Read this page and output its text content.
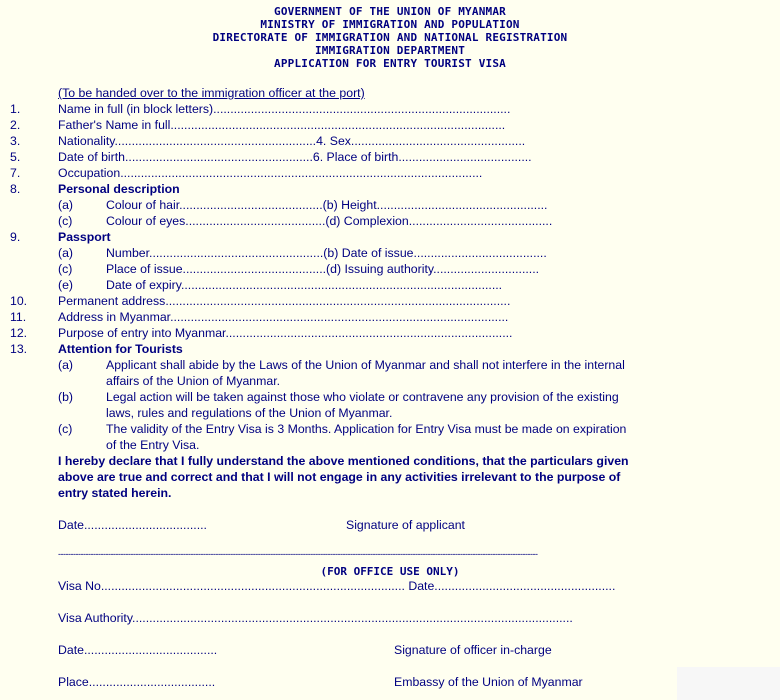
GOVERNMENT OF THE UNION OF MYANMAR
MINISTRY OF IMMIGRATION AND POPULATION
DIRECTORATE OF IMMIGRATION AND NATIONAL REGISTRATION
IMMIGRATION DEPARTMENT
APPLICATION FOR ENTRY TOURIST VISA
(To be handed over to the immigration officer at the port)
1.	Name in full (in block letters).......................................................................................
2.	Father's Name in full..................................................................................................
3.	Nationality...........................................................4. Sex...................................................
5.	Date of birth.......................................................6. Place of birth.......................................
7.	Occupation..........................................................................................................
8.	Personal description
(a)	Colour of hair..........................................(b) Height..................................................
(c)	Colour of eyes.........................................(d) Complexion..........................................
9.	Passport
(a)	Number...................................................(b) Date of issue.......................................
(c)	Place of issue..........................................(d) Issuing authority...............................
(e)	Date of expiry..............................................................................................
10.	Permanent address.....................................................................................................
11.	Address in Myanmar...................................................................................................
12.	Purpose of entry into Myanmar....................................................................................
13.	Attention for Tourists
(a)	Applicant shall abide by the Laws of the Union of Myanmar and shall not interfere in the internal
affairs of the Union of Myanmar.
(b)	Legal action will be taken against those who violate or contravene any provision of the existing
laws, rules and regulations of the Union of Myanmar.
(c)	The validity of the Entry Visa is 3 Months. Application for Entry Visa must be made on expiration
of the Entry Visa.
I hereby declare that I fully understand the above mentioned conditions, that the particulars given
above are true and correct and that I will not engage in any activities irrelevant to the purpose of
entry stated herein.
Date....................................	Signature of applicant
------------------------------------------------------------------------------------------------------------------------------------------------------------------------------------------------
(FOR OFFICE USE ONLY)
Visa No......................................................................................... Date.....................................................
Visa Authority.................................................................................................................................
Date.......................................	Signature of officer in-charge
Place.....................................	Embassy of the Union of Myanmar
